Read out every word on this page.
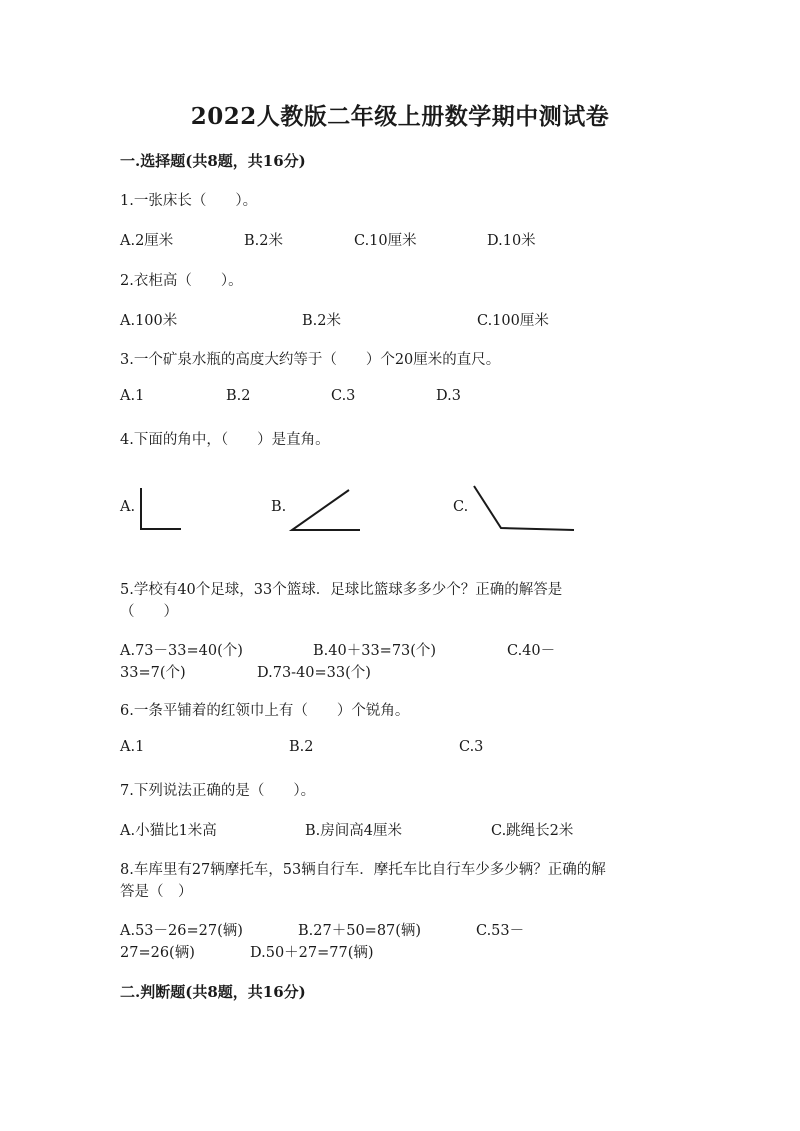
2022人教版二年级上册数学期中测试卷
一.选择题(共8题，共16分)
1.一张床长（　　）。
A.2厘米	B.2米	C.10厘米	D.10米
2.衣柜高（　　）。
A.100米	B.2米	C.100厘米
3.一个矿泉水瓶的高度大约等于（　　）个20厘米的直尺。
A.1	B.2	C.3	D.3
4.下面的角中，（　　）是直角。
A.	B.	C.
5.学校有40个足球，33个篮球．足球比篮球多多少个？正确的解答是
（　　）
A.73－33=40(个)	B.40＋33=73(个)	C.40－
33=7(个)	D.73-40=33(个)
6.一条平铺着的红领巾上有（　　）个锐角。
A.1	B.2	C.3
7.下列说法正确的是（　　）。
A.小猫比1米高	B.房间高4厘米	C.跳绳长2米
8.车库里有27辆摩托车，53辆自行车．摩托车比自行车少多少辆？正确的解
答是（　）
A.53－26=27(辆)	B.27＋50=87(辆)	C.53－
27=26(辆)	D.50＋27=77(辆)
二.判断题(共8题，共16分)
